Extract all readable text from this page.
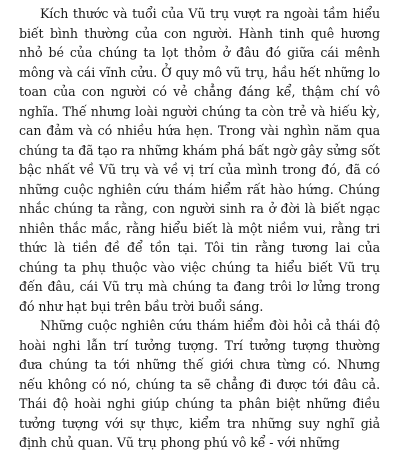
Kích thước và tuổi của Vũ trụ vượt ra ngoài tầm hiểu biết bình thường của con người. Hành tinh quê hương nhỏ bé của chúng ta lọt thỏm ở đâu đó giữa cái mênh mông và cái vĩnh cửu. Ở quy mô vũ trụ, hầu hết những lo toan của con người có vẻ chẳng đáng kể, thậm chí vô nghĩa. Thế nhưng loài người chúng ta còn trẻ và hiếu kỳ, can đảm và có nhiều hứa hẹn. Trong vài nghìn năm qua chúng ta đã tạo ra những khám phá bất ngờ gây sửng sốt bậc nhất về Vũ trụ và về vị trí của mình trong đó, đã có những cuộc nghiên cứu thám hiểm rất hào hứng. Chúng nhắc chúng ta rằng, con người sinh ra ở đời là biết ngạc nhiên thắc mắc, rằng hiểu biết là một niềm vui, rằng tri thức là tiền đề để tồn tại. Tôi tin rằng tương lai của chúng ta phụ thuộc vào việc chúng ta hiểu biết Vũ trụ đến đâu, cái Vũ trụ mà chúng ta đang trôi lơ lửng trong đó như hạt bụi trên bầu trời buổi sáng.

Những cuộc nghiên cứu thám hiểm đòi hỏi cả thái độ hoài nghi lẫn trí tưởng tượng. Trí tưởng tượng thường đưa chúng ta tới những thế giới chưa từng có. Nhưng nếu không có nó, chúng ta sẽ chẳng đi được tới đâu cả. Thái độ hoài nghi giúp chúng ta phân biệt những điều tưởng tượng với sự thực, kiểm tra những suy nghĩ giả định chủ quan. Vũ trụ phong phú vô kể - với những
